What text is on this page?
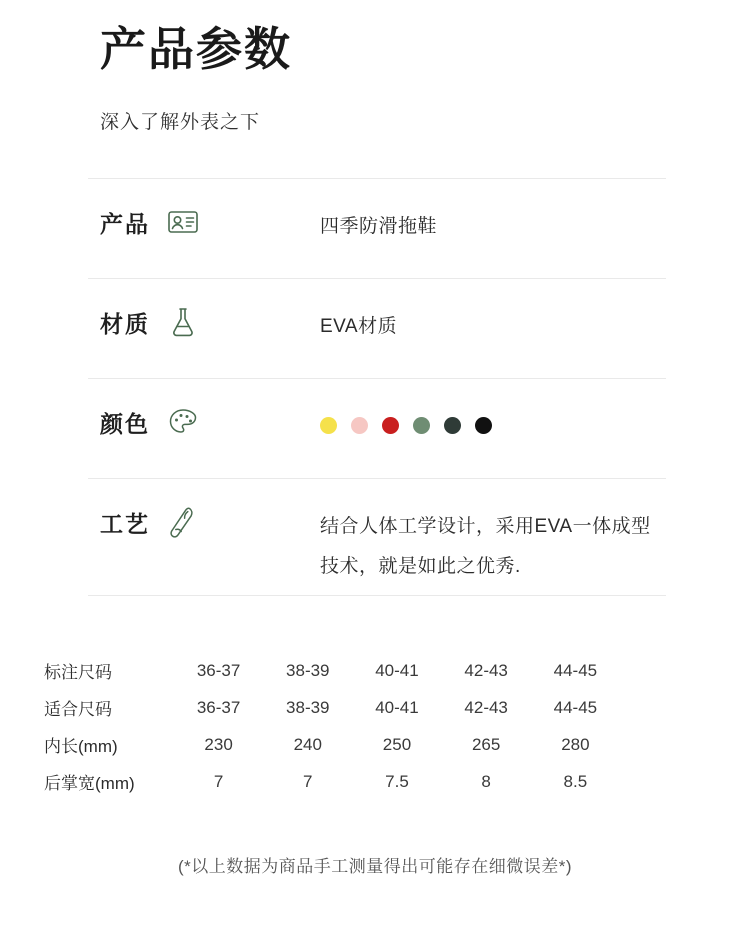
产品参数
深入了解外表之下
产品	四季防滑拖鞋
材质	EVA材质
颜色
工艺	结合人体工学设计，采用EVA一体成型技术，就是如此之优秀.
标注尺码	36-37	38-39	40-41	42-43	44-45
适合尺码	36-37	38-39	40-41	42-43	44-45
内长(mm)	230	240	250	265	280
后掌宽(mm)	7	7	7.5	8	8.5
(*以上数据为商品手工测量得出可能存在细微误差*)
